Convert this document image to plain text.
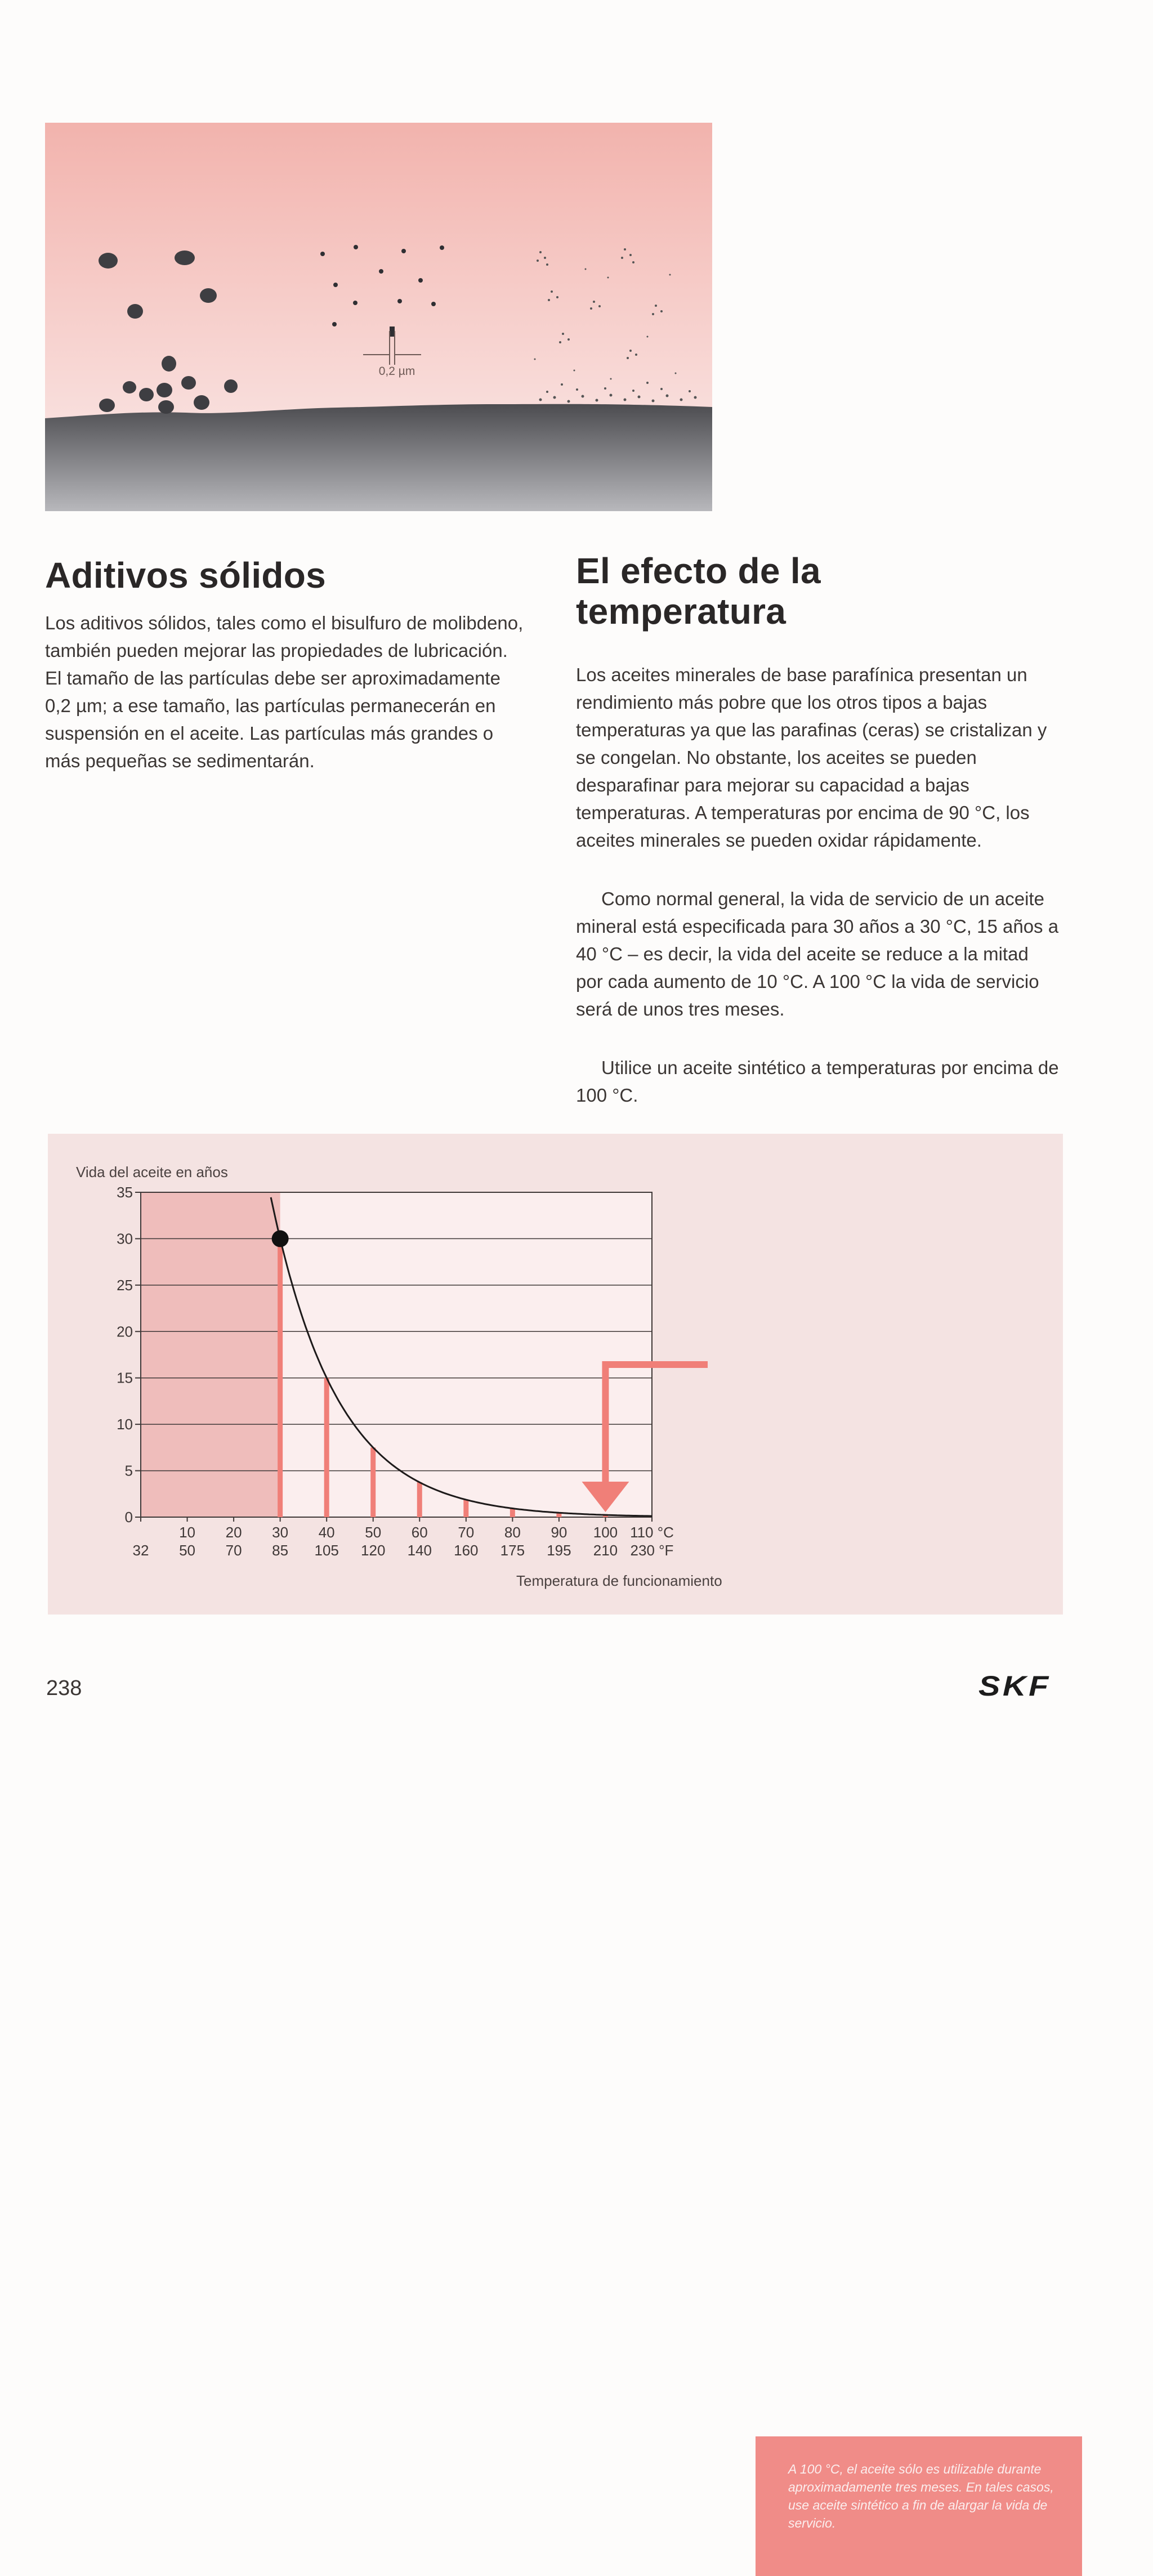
0,2 µm
Aditivos sólidos

Los aditivos sólidos, tales como el bisulfuro de molibdeno, también pueden mejorar las propiedades de lubricación. El tamaño de las partículas debe ser aproximadamente 0,2 µm; a ese tamaño, las partículas permanecerán en suspensión en el aceite. Las partículas más grandes o más pequeñas se sedimentarán.

El efecto de la temperatura

Los aceites minerales de base parafínica presentan un rendimiento más pobre que los otros tipos a bajas temperaturas ya que las parafinas (ceras) se cristalizan y se congelan. No obstante, los aceites se pueden desparafinar para mejorar su capacidad a bajas temperaturas. A temperaturas por encima de 90 °C, los aceites minerales se pueden oxidar rápidamente.

Como normal general, la vida de servicio de un aceite mineral está especificada para 30 años a 30 °C, 15 años a 40 °C – es decir, la vida del aceite se reduce a la mitad por cada aumento de 10 °C. A 100 °C la vida de servicio será de unos tres meses.

Utilice un aceite sintético a temperaturas por encima de 100 °C.

0
5
10
15
20
25
30
35
10 20 30 40 50 60 70 80 90 100 110 °C
32 50 70 85 105 120 140 160 175 195 210 230 °F
Vida del aceite en años
Temperatura de funcionamiento

A 100 °C, el aceite sólo es utilizable durante aproximadamente tres meses. En tales casos, use aceite sintético a fin de alargar la vida de servicio.

238	SKF
